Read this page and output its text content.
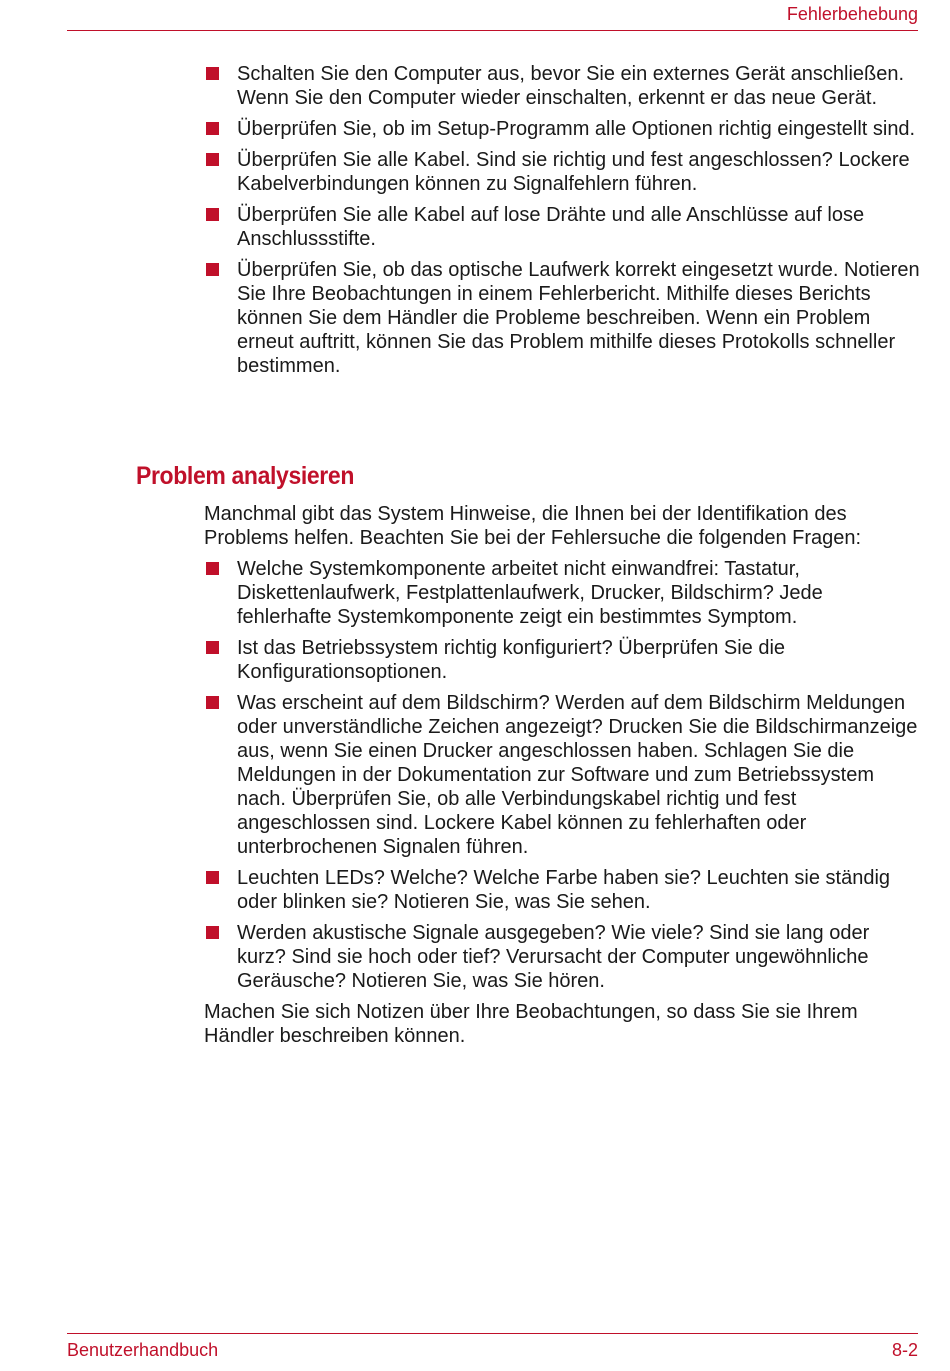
Fehlerbehebung
Schalten Sie den Computer aus, bevor Sie ein externes Gerät anschließen. Wenn Sie den Computer wieder einschalten, erkennt er das neue Gerät.
Überprüfen Sie, ob im Setup-Programm alle Optionen richtig eingestellt sind.
Überprüfen Sie alle Kabel. Sind sie richtig und fest angeschlossen? Lockere Kabelverbindungen können zu Signalfehlern führen.
Überprüfen Sie alle Kabel auf lose Drähte und alle Anschlüsse auf lose Anschlussstifte.
Überprüfen Sie, ob das optische Laufwerk korrekt eingesetzt wurde. Notieren Sie Ihre Beobachtungen in einem Fehlerbericht. Mithilfe dieses Berichts können Sie dem Händler die Probleme beschreiben. Wenn ein Problem erneut auftritt, können Sie das Problem mithilfe dieses Protokolls schneller bestimmen.
Problem analysieren

Manchmal gibt das System Hinweise, die Ihnen bei der Identifikation des Problems helfen. Beachten Sie bei der Fehlersuche die folgenden Fragen:

Welche Systemkomponente arbeitet nicht einwandfrei: Tastatur, Diskettenlaufwerk, Festplattenlaufwerk, Drucker, Bildschirm? Jede fehlerhafte Systemkomponente zeigt ein bestimmtes Symptom.
Ist das Betriebssystem richtig konfiguriert? Überprüfen Sie die Konfigurationsoptionen.
Was erscheint auf dem Bildschirm? Werden auf dem Bildschirm Meldungen oder unverständliche Zeichen angezeigt? Drucken Sie die Bildschirmanzeige aus, wenn Sie einen Drucker angeschlossen haben. Schlagen Sie die Meldungen in der Dokumentation zur Software und zum Betriebssystem nach. Überprüfen Sie, ob alle Verbindungskabel richtig und fest angeschlossen sind. Lockere Kabel können zu fehlerhaften oder unterbrochenen Signalen führen.
Leuchten LEDs? Welche? Welche Farbe haben sie? Leuchten sie ständig oder blinken sie? Notieren Sie, was Sie sehen.
Werden akustische Signale ausgegeben? Wie viele? Sind sie lang oder kurz? Sind sie hoch oder tief? Verursacht der Computer ungewöhnliche Geräusche? Notieren Sie, was Sie hören.

Machen Sie sich Notizen über Ihre Beobachtungen, so dass Sie sie Ihrem Händler beschreiben können.

Benutzerhandbuch	8-2
